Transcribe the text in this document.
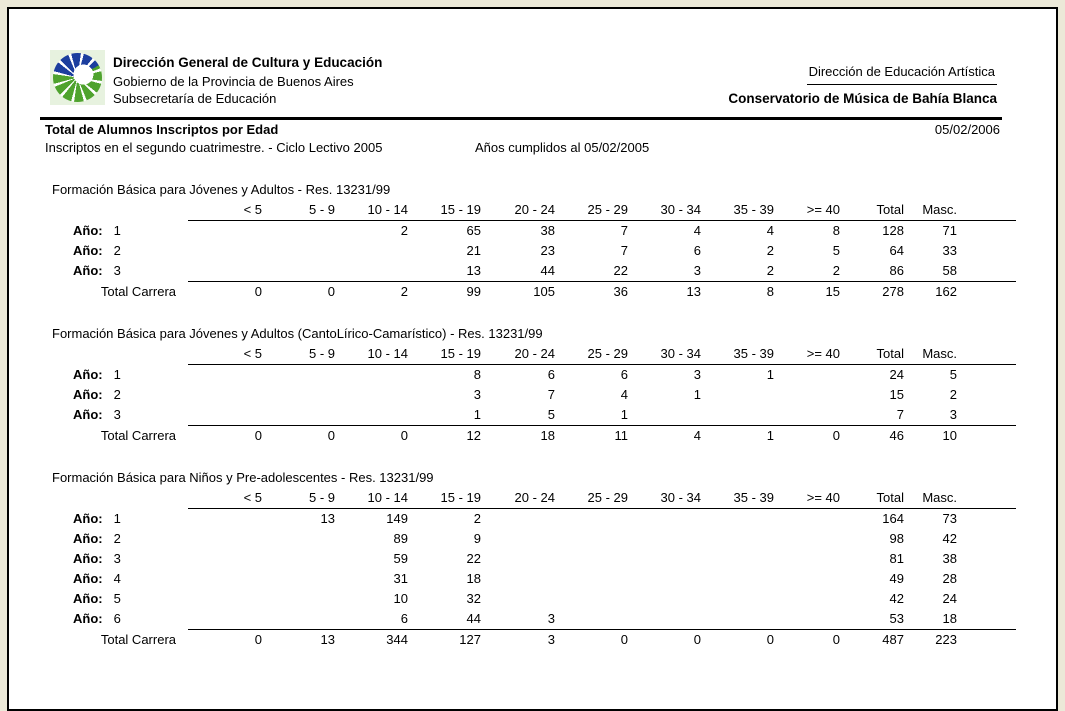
Dirección General de Cultura y Educación
Gobierno de la Provincia de Buenos Aires
Subsecretaría de Educación
Dirección de Educación Artística
Conservatorio de Música de Bahía Blanca
Total de Alumnos Inscriptos por Edad	05/02/2006
Inscriptos en el segundo cuatrimestre. - Ciclo Lectivo 2005	Años cumplidos al 05/02/2005
Formación Básica para Jóvenes y Adultos - Res. 13231/99
	< 5	5 - 9	10 - 14	15 - 19	20 - 24	25 - 29	30 - 34	35 - 39	>= 40	Total	Masc.	
Año: 1			2	65	38	7	4	4	8	128	71	
Año: 2				21	23	7	6	2	5	64	33	
Año: 3				13	44	22	3	2	2	86	58	
Total Carrera	0	0	2	99	105	36	13	8	15	278	162	
Formación Básica para Jóvenes y Adultos (CantoLírico-Camarístico) - Res. 13231/99
	< 5	5 - 9	10 - 14	15 - 19	20 - 24	25 - 29	30 - 34	35 - 39	>= 40	Total	Masc.	
Año: 1				8	6	6	3	1		24	5	
Año: 2				3	7	4	1			15	2	
Año: 3				1	5	1				7	3	
Total Carrera	0	0	0	12	18	11	4	1	0	46	10	
Formación Básica para Niños y Pre-adolescentes - Res. 13231/99
	< 5	5 - 9	10 - 14	15 - 19	20 - 24	25 - 29	30 - 34	35 - 39	>= 40	Total	Masc.	
Año: 1		13	149	2						164	73	
Año: 2			89	9						98	42	
Año: 3			59	22						81	38	
Año: 4			31	18						49	28	
Año: 5			10	32						42	24	
Año: 6			6	44	3					53	18	
Total Carrera	0	13	344	127	3	0	0	0	0	487	223	
